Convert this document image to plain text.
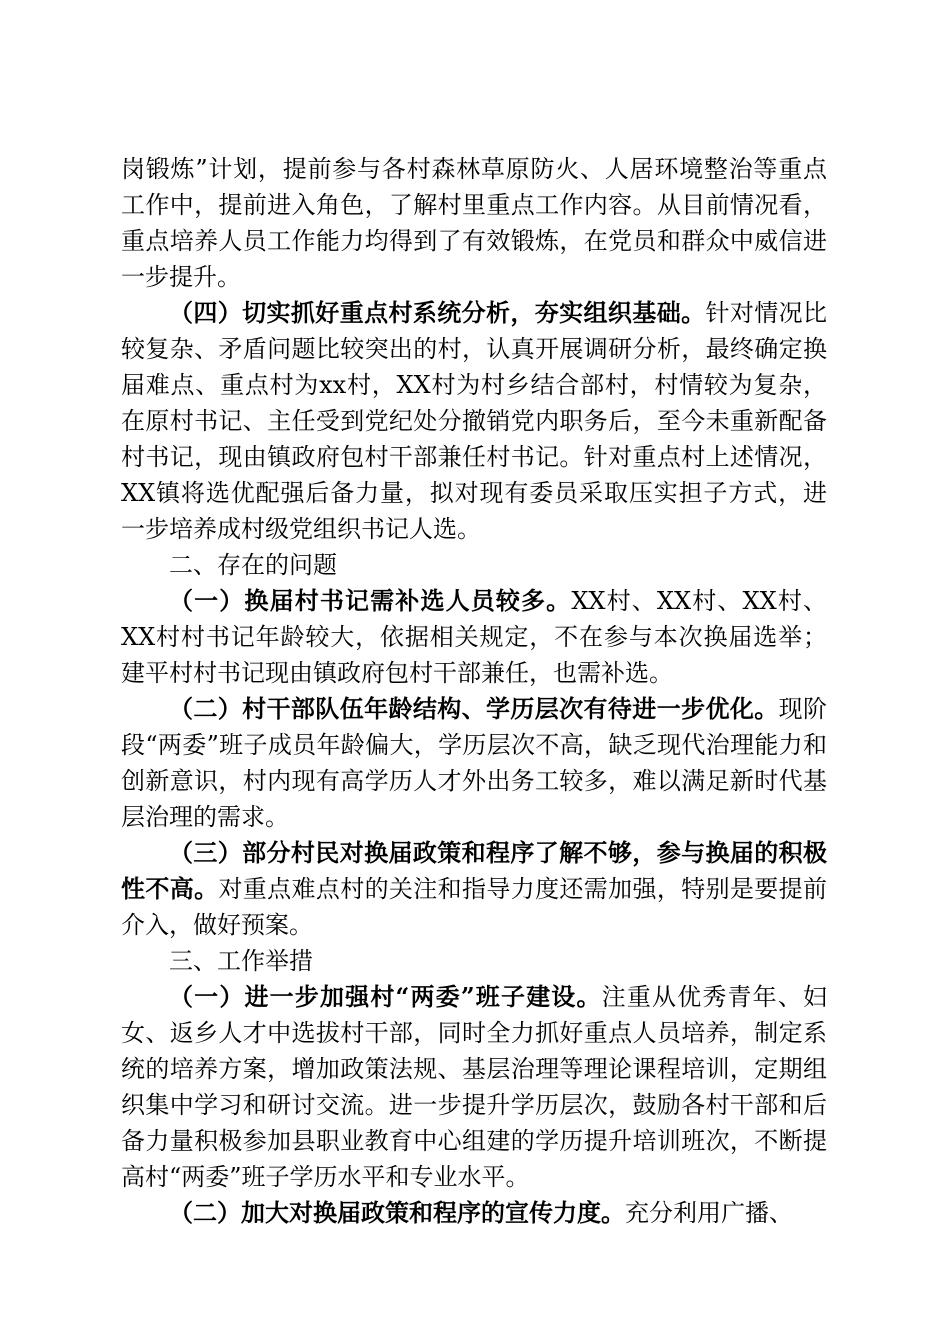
岗锻炼”计划，提前参与各村森林草原防火、人居环境整治等重点工作中，提前进入角色，了解村里重点工作内容。从目前情况看，重点培养人员工作能力均得到了有效锻炼，在党员和群众中威信进一步提升。

（四）切实抓好重点村系统分析，夯实组织基础。针对情况比较复杂、矛盾问题比较突出的村，认真开展调研分析，最终确定换届难点、重点村为xx村，XX村为村乡结合部村，村情较为复杂，在原村书记、主任受到党纪处分撤销党内职务后，至今未重新配备村书记，现由镇政府包村干部兼任村书记。针对重点村上述情况，XX镇将选优配强后备力量，拟对现有委员采取压实担子方式，进一步培养成村级党组织书记人选。

二、存在的问题

（一）换届村书记需补选人员较多。XX村、XX村、XX村、XX村村书记年龄较大，依据相关规定，不在参与本次换届选举；建平村村书记现由镇政府包村干部兼任，也需补选。

（二）村干部队伍年龄结构、学历层次有待进一步优化。现阶段“两委”班子成员年龄偏大，学历层次不高，缺乏现代治理能力和创新意识，村内现有高学历人才外出务工较多，难以满足新时代基层治理的需求。

（三）部分村民对换届政策和程序了解不够，参与换届的积极性不高。对重点难点村的关注和指导力度还需加强，特别是要提前介入，做好预案。

三、工作举措

（一）进一步加强村“两委”班子建设。注重从优秀青年、妇女、返乡人才中选拔村干部，同时全力抓好重点人员培养，制定系统的培养方案，增加政策法规、基层治理等理论课程培训，定期组织集中学习和研讨交流。进一步提升学历层次，鼓励各村干部和后备力量积极参加县职业教育中心组建的学历提升培训班次，不断提高村“两委”班子学历水平和专业水平。

（二）加大对换届政策和程序的宣传力度。充分利用广播、
